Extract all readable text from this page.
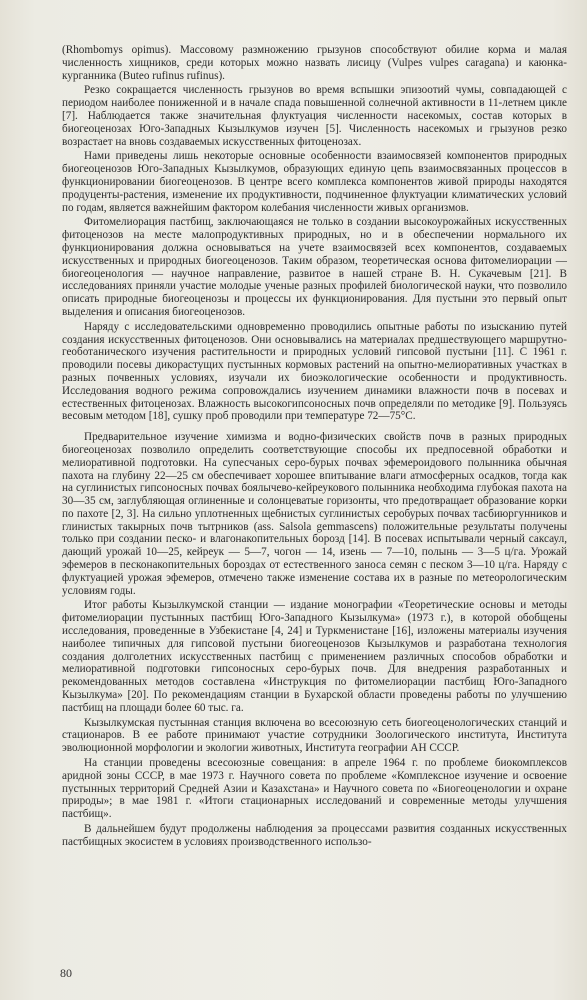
(Rhombomys opimus). Массовому размножению грызунов способствуют обилие корма и малая численность хищников, среди которых можно назвать лисицу (Vulpes vulpes caragana) и каюнка-курганника (Buteo rufinus rufinus).

Резко сокращается численность грызунов во время вспышки эпизоотий чумы, совпадающей с периодом наиболее пониженной и в начале спада повышенной солнечной активности в 11-летнем цикле [7]. Наблюдается также значительная флуктуация численности насекомых, состав которых в биогеоценозах Юго-Западных Кызылкумов изучен [5]. Численность насекомых и грызунов резко возрастает на вновь создаваемых искусственных фитоценозах.

Нами приведены лишь некоторые основные особенности взаимосвязей компонентов природных биогеоценозов Юго-Западных Кызылкумов, образующих единую цепь взаимосвязанных процессов в функционировании биогеоценозов. В центре всего комплекса компонентов живой природы находятся продуценты-растения, изменение их продуктивности, подчиненное флуктуации климатических условий по годам, является важнейшим фактором колебания численности живых организмов.

Фитомелиорация пастбищ, заключающаяся не только в создании высокоурожайных искусственных фитоценозов на месте малопродуктивных природных, но и в обеспечении нормального их функционирования должна основываться на учете взаимосвязей всех компонентов, создаваемых искусственных и природных биогеоценозов. Таким образом, теоретическая основа фитомелиорации — биогеоценология — научное направление, развитое в нашей стране В. Н. Сукачевым [21]. В исследованиях приняли участие молодые ученые разных профилей биологической науки, что позволило описать природные биогеоценозы и процессы их функционирования. Для пустыни это первый опыт выделения и описания биогеоценозов.

Наряду с исследовательскими одновременно проводились опытные работы по изысканию путей создания искусственных фитоценозов. Они основывались на материалах предшествующего маршрутно-геоботанического изучения растительности и природных условий гипсовой пустыни [11]. С 1961 г. проводили посевы дикорастущих пустынных кормовых растений на опытно-мелиоративных участках в разных почвенных условиях, изучали их биоэкологические особенности и продуктивность. Исследования водного режима сопровождались изучением динамики влажности почв в посевах и естественных фитоценозах. Влажность высокогипсоносных почв определяли по методике [9]. Пользуясь весовым методом [18], сушку проб проводили при температуре 72—75°С.

Предварительное изучение химизма и водно-физических свойств почв в разных природных биогеоценозах позволило определить соответствующие способы их предпосевной обработки и мелиоративной подготовки. На супесчаных серо-бурых почвах эфемероидового полынника обычная пахота на глубину 22—25 см обеспечивает хорошее впитывание влаги атмосферных осадков, тогда как на суглинистых гипсоносных почвах боялычево-кейреукового полынника необходима глубокая пахота на 30—35 см, заглубляющая оглиненные и солонцеватые горизонты, что предотвращает образование корки по пахоте [2, 3]. На сильно уплотненных щебнистых суглинистых серобурых почвах тасбиюргунников и глинистых такырных почв тытрников (ass. Salsola gemmascens) положительные результаты получены только при создании песко- и влагонакопительных борозд [14]. В посевах испытывали черный саксаул, дающий урожай 10—25, кейреук — 5—7, чогон — 14, изень — 7—10, полынь — 3—5 ц/га. Урожай эфемеров в песконакопительных бороздах от естественного заноса семян с песком 3—10 ц/га. Наряду с флуктуацией урожая эфемеров, отмечено также изменение состава их в разные по метеорологическим условиям годы.

Итог работы Кызылкумской станции — издание монографии «Теоретические основы и методы фитомелиорации пустынных пастбищ Юго-Западного Кызылкума» (1973 г.), в которой обобщены исследования, проведенные в Узбекистане [4, 24] и Туркменистане [16], изложены материалы изучения наиболее типичных для гипсовой пустыни биогеоценозов Кызылкумов и разработана технология создания долголетних искусственных пастбищ с применением различных способов обработки и мелиоративной подготовки гипсоносных серо-бурых почв. Для внедрения разработанных и рекомендованных методов составлена «Инструкция по фитомелиорации пастбищ Юго-Западного Кызылкума» [20]. По рекомендациям станции в Бухарской области проведены работы по улучшению пастбищ на площади более 60 тыс. га.

Кызылкумская пустынная станция включена во всесоюзную сеть биогеоценологических станций и стационаров. В ее работе принимают участие сотрудники Зоологического института, Института эволюционной морфологии и экологии животных, Института географии АН СССР.

На станции проведены всесоюзные совещания: в апреле 1964 г. по проблеме биокомплексов аридной зоны СССР, в мае 1973 г. Научного совета по проблеме «Комплексное изучение и освоение пустынных территорий Средней Азии и Казахстана» и Научного совета по «Биогеоценологии и охране природы»; в мае 1981 г. «Итоги стационарных исследований и современные методы улучшения пастбищ».

В дальнейшем будут продолжены наблюдения за процессами развития созданных искусственных пастбищных экосистем в условиях производственного использо-

80
